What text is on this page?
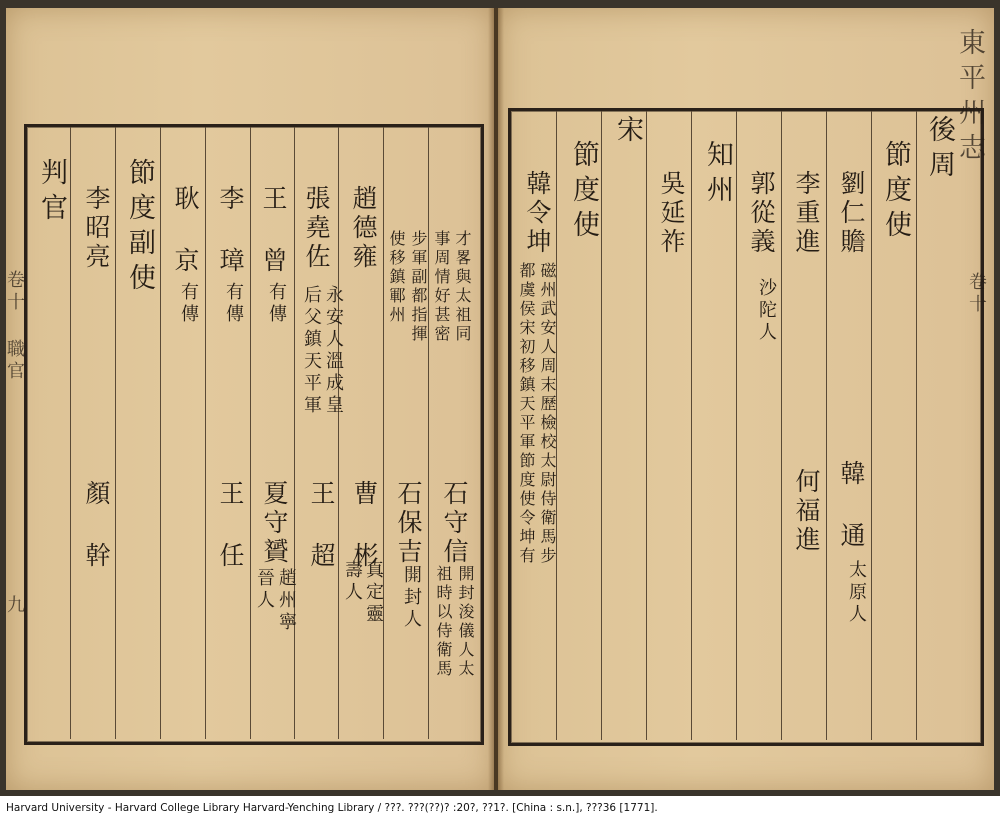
才畧與太祖同
事周情好甚密
步軍副都指揮
使移鎮鄆州
趙德雍
張堯佐
永安人溫成皇
后父鎮天平軍
王 曾
有傳
李 璋
有傳
耿 京
有傳
節度副使
李昭亮
判官
石守信
開封浚儀人太
祖時以侍衛馬
石保吉
開封人
曹 彬
真定靈
壽人
王 超
夏守贇
趙州寧
晉人
王 任
顏 幹
卷十 職官
九
東平州志
卷十
後周
節度使
劉仁贍
李重進
郭從義
沙陀人
知州
吳延祚
宋
節度使
韓令坤
磁州武安人周末歷檢校太尉侍衛馬步
都虞侯宋初移鎮天平軍節度使令坤有	韓 通
太原人
何福進
Harvard University - Harvard College Library Harvard-Yenching Library / ???. ???(??)? :20?, ??1?. [China : s.n.], ???36 [1771].
